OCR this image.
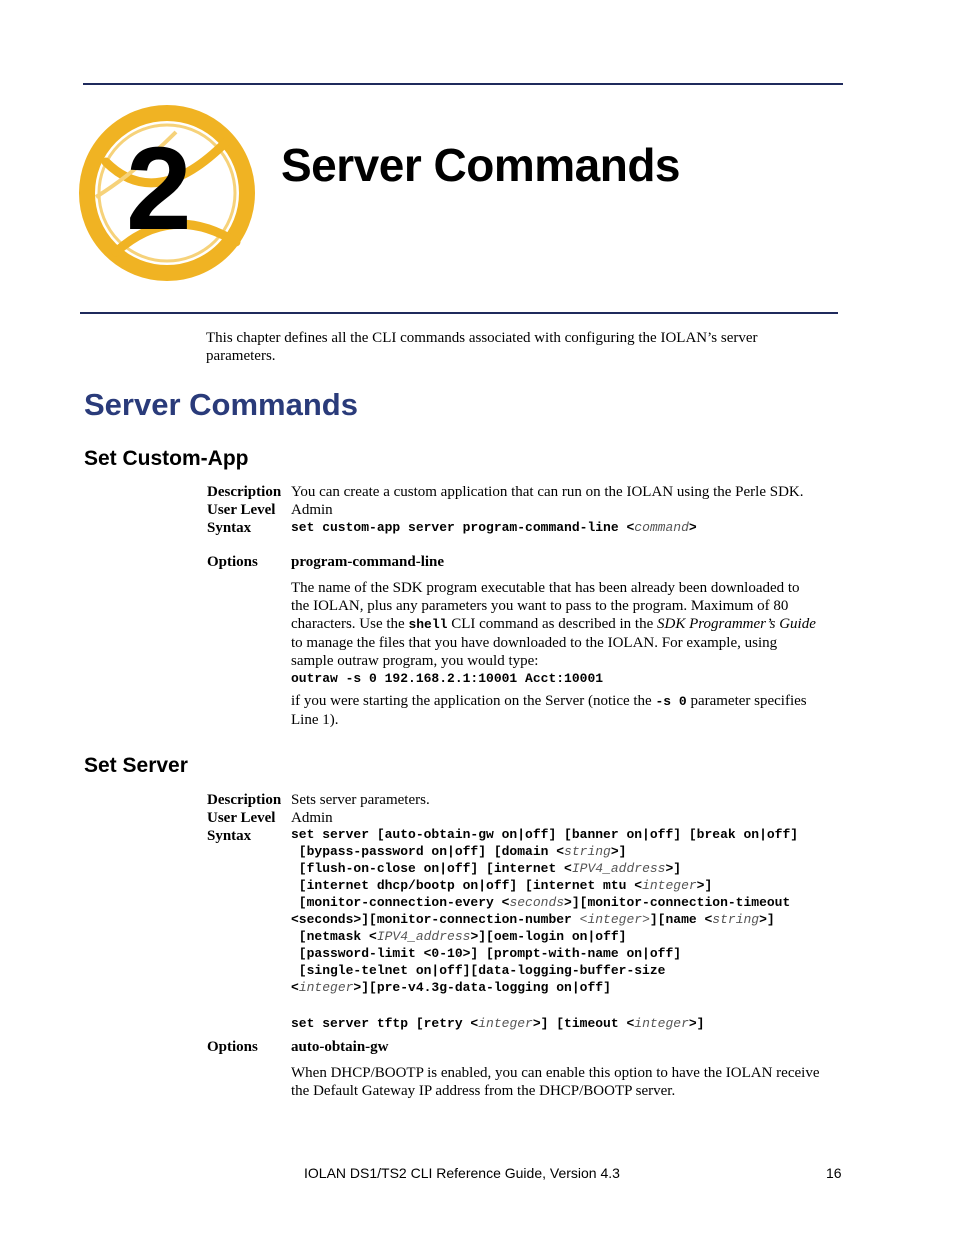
2 Server Commands
This chapter defines all the CLI commands associated with configuring the IOLAN’s server
parameters.
Server Commands
Set Custom-App
Description
User Level
Syntax
You can create a custom application that can run on the IOLAN using the Perle SDK.
Admin
set custom-app server program-command-line <command>
Options program-command-line
The name of the SDK program executable that has been already been downloaded to
the IOLAN, plus any parameters you want to pass to the program. Maximum of 80
characters. Use the shell CLI command as described in the SDK Programmer’s Guide
to manage the files that you have downloaded to the IOLAN. For example, using
sample outraw program, you would type:
outraw -s 0 192.168.2.1:10001 Acct:10001
if you were starting the application on the Server (notice the -s 0 parameter specifies
Line 1).
Set Server
Description
User Level
Syntax
Sets server parameters.
Admin
set server [auto-obtain-gw on|off] [banner on|off] [break on|off]
[bypass-password on|off] [domain <string>]
[flush-on-close on|off] [internet <IPV4_address>]
[internet dhcp/bootp on|off] [internet mtu <integer>]
[monitor-connection-every <seconds>][monitor-connection-timeout
<seconds>][monitor-connection-number <integer>][name <string>]
[netmask <IPV4_address>][oem-login on|off]
[password-limit <0-10>] [prompt-with-name on|off]
[single-telnet on|off][data-logging-buffer-size
<integer>][pre-v4.3g-data-logging on|off]
set server tftp [retry <integer>] [timeout <integer>]
Options auto-obtain-gw
When DHCP/BOOTP is enabled, you can enable this option to have the IOLAN receive
the Default Gateway IP address from the DHCP/BOOTP server.
IOLAN DS1/TS2 CLI Reference Guide, Version 4.3	16
